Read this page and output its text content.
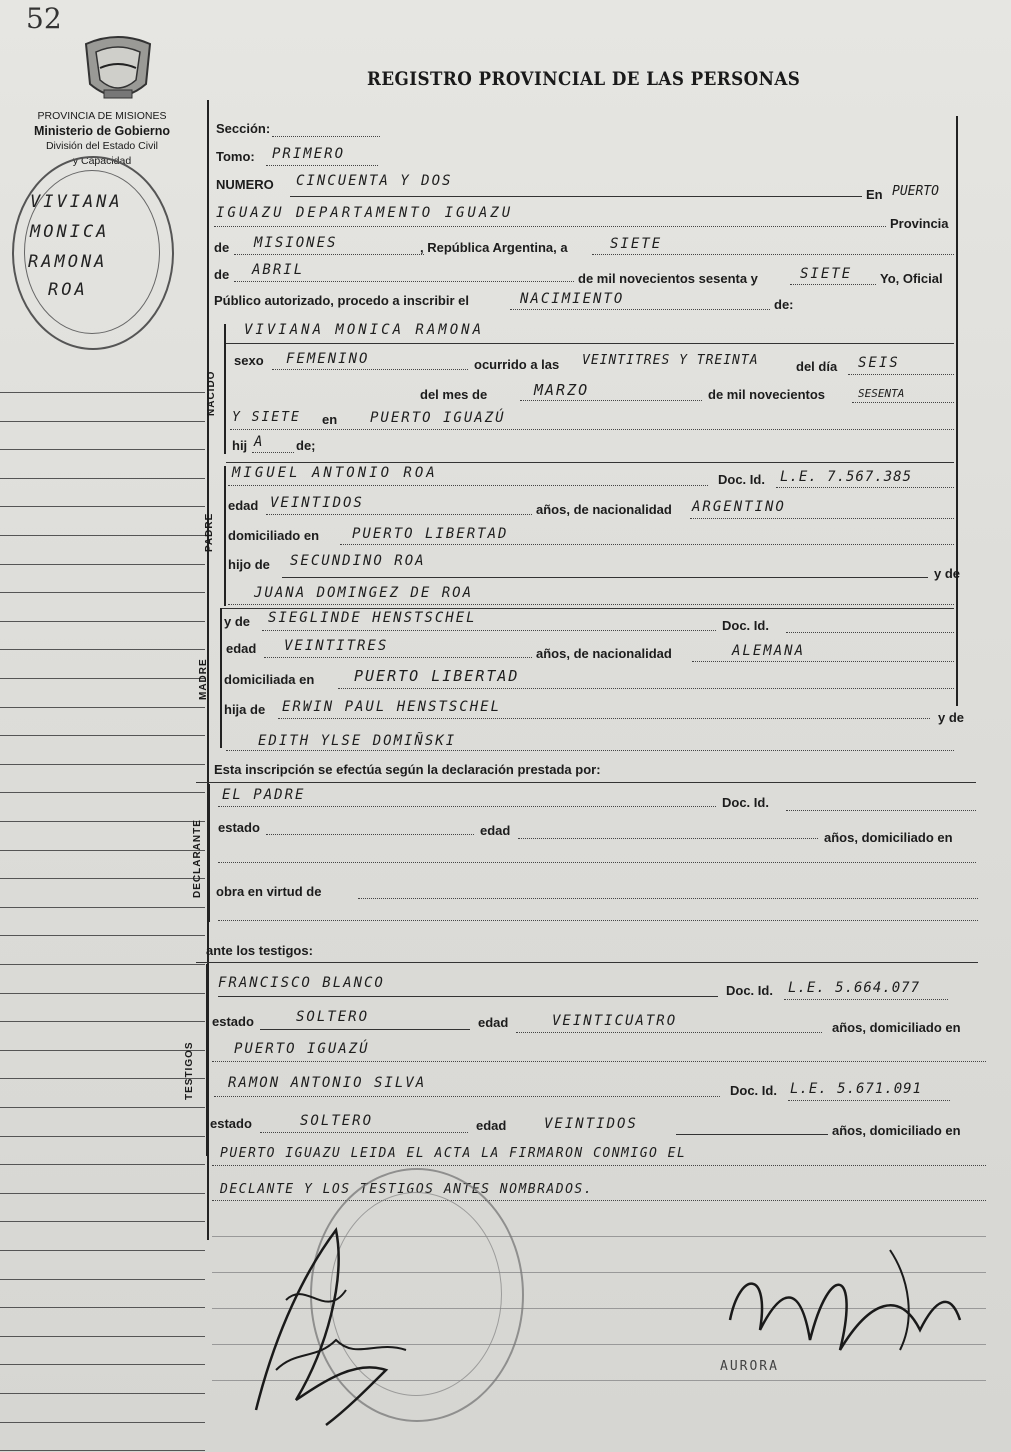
52
PROVINCIA DE MISIONES
Ministerio de Gobierno
División del Estado Civil
y Capacidad
VIVIANA
MONICA
RAMONA
ROA
REGISTRO PROVINCIAL DE LAS PERSONAS
Sección:
Tomo: PRIMERO
NUMERO CINCUENTA Y DOS
En PUERTO
IGUAZU DEPARTAMENTO IGUAZU
Provincia
de MISIONES	, República Argentina, a	SIETE
de ABRIL
de mil novecientos sesenta y	SIETE Yo, Oficial
Público autorizado, procedo a inscribir el	NACIMIENTO	de:
NACIDO
VIVIANA MONICA RAMONA
sexo FEMENINO	ocurrido a las VEINTITRES Y TREINTA	del día SEIS
del mes de	MARZO	de mil novecientos	SESENTA
Y SIETE en PUERTO IGUAZÚ
hij A	de;
PADRE
MIGUEL ANTONIO ROA	Doc. Id. L.E. 7.567.385
edad VEINTIDOS	años, de nacionalidad ARGENTINO
domiciliado en PUERTO LIBERTAD
hijo de SECUNDINO ROA
y de
JUANA DOMINGEZ DE ROA
MADRE
y de SIEGLINDE HENSTSCHEL	Doc. Id.
edad VEINTITRES	años, de nacionalidad	ALEMANA
domiciliada en	PUERTO LIBERTAD
hija de ERWIN PAUL HENSTSCHEL
y de
EDITH YLSE DOMIÑSKI
Esta inscripción se efectúa según la declaración prestada por:
DECLARANTE
EL PADRE	Doc. Id.
estado	edad	años, domiciliado en
obra en virtud de
ante los testigos:
TESTIGOS
FRANCISCO BLANCO	Doc. Id. L.E. 5.664.077
estado	SOLTERO	edad	VEINTICUATRO	años, domiciliado en
PUERTO IGUAZÚ
RAMON ANTONIO SILVA	Doc. Id. L.E. 5.671.091
estado	SOLTERO	edad	VEINTIDOS	años, domiciliado en
PUERTO IGUAZU LEIDA EL ACTA LA FIRMARON CONMIGO EL
DECLANTE Y LOS TESTIGOS ANTES NOMBRADOS.
AURORA
